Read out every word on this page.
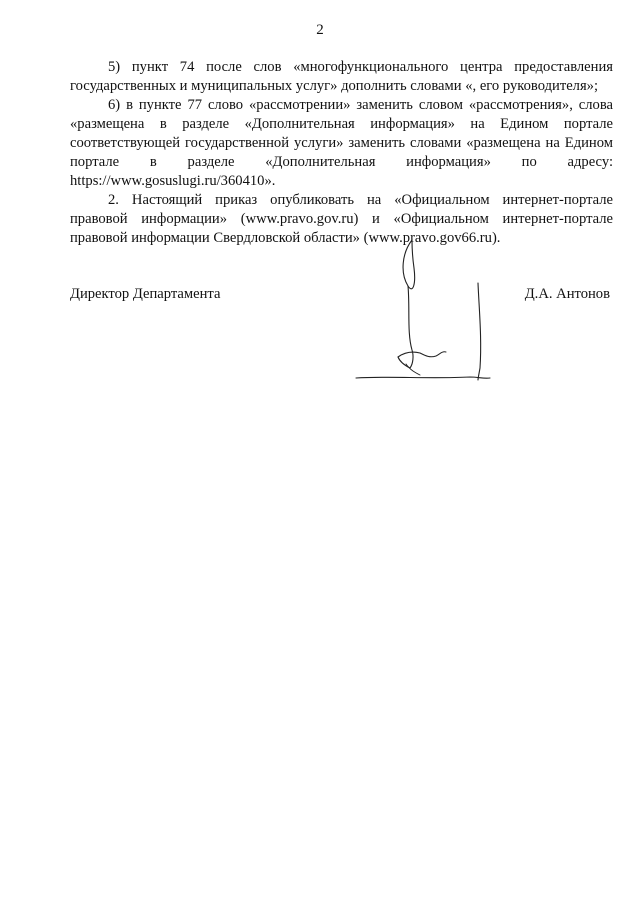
2

5) пункт 74 после слов «многофункционального центра предоставления государственных и муниципальных услуг» дополнить словами «, его руководителя»;

6) в пункте 77 слово «рассмотрении» заменить словом «рассмотрения», слова «размещена в разделе «Дополнительная информация» на Едином портале соответствующей государственной услуги» заменить словами «размещена на Едином портале в разделе «Дополнительная информация» по адресу: https://www.gosuslugi.ru/360410».

2. Настоящий приказ опубликовать на «Официальном интернет-портале правовой информации» (www.pravo.gov.ru) и «Официальном интернет-портале правовой информации Свердловской области» (www.pravo.gov66.ru).

Директор Департамента	Д.А. Антонов
